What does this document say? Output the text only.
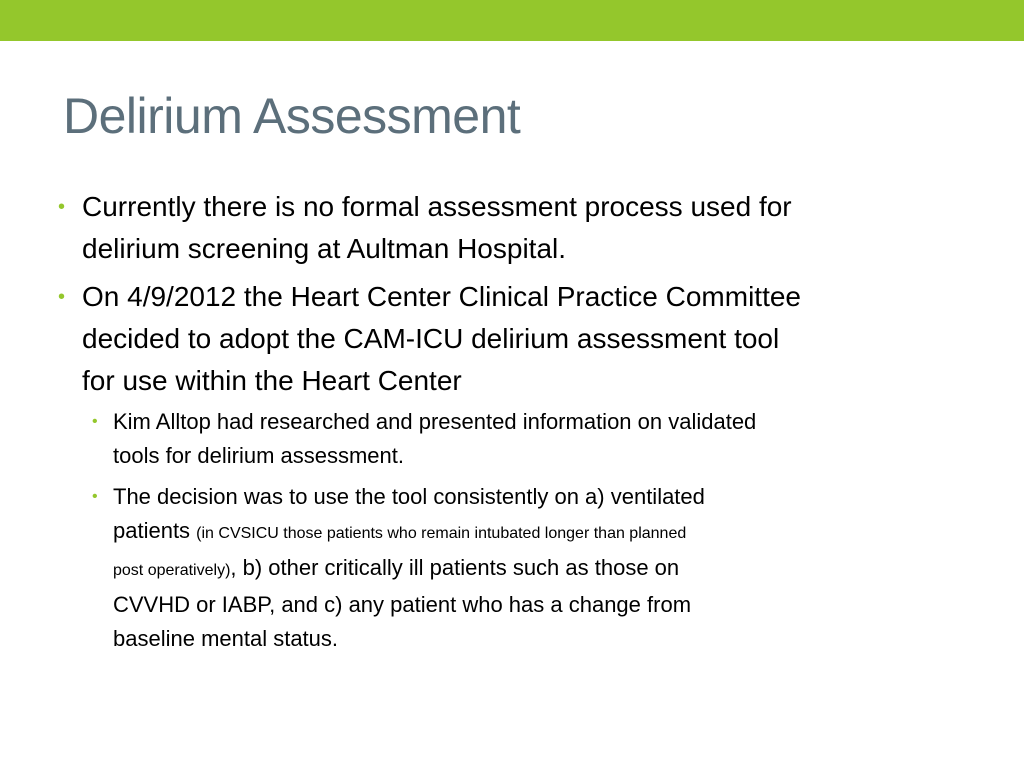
Delirium Assessment
• Currently there is no formal assessment process used for
delirium screening at Aultman Hospital.
• On 4/9/2012 the Heart Center Clinical Practice Committee
decided to adopt the CAM-ICU delirium assessment tool
for use within the Heart Center
• Kim Alltop had researched and presented information on validated
tools for delirium assessment.
• The decision was to use the tool consistently on a) ventilated
patients (in CVSICU those patients who remain intubated longer than planned
post operatively), b) other critically ill patients such as those on
CVVHD or IABP, and c) any patient who has a change from
baseline mental status.
